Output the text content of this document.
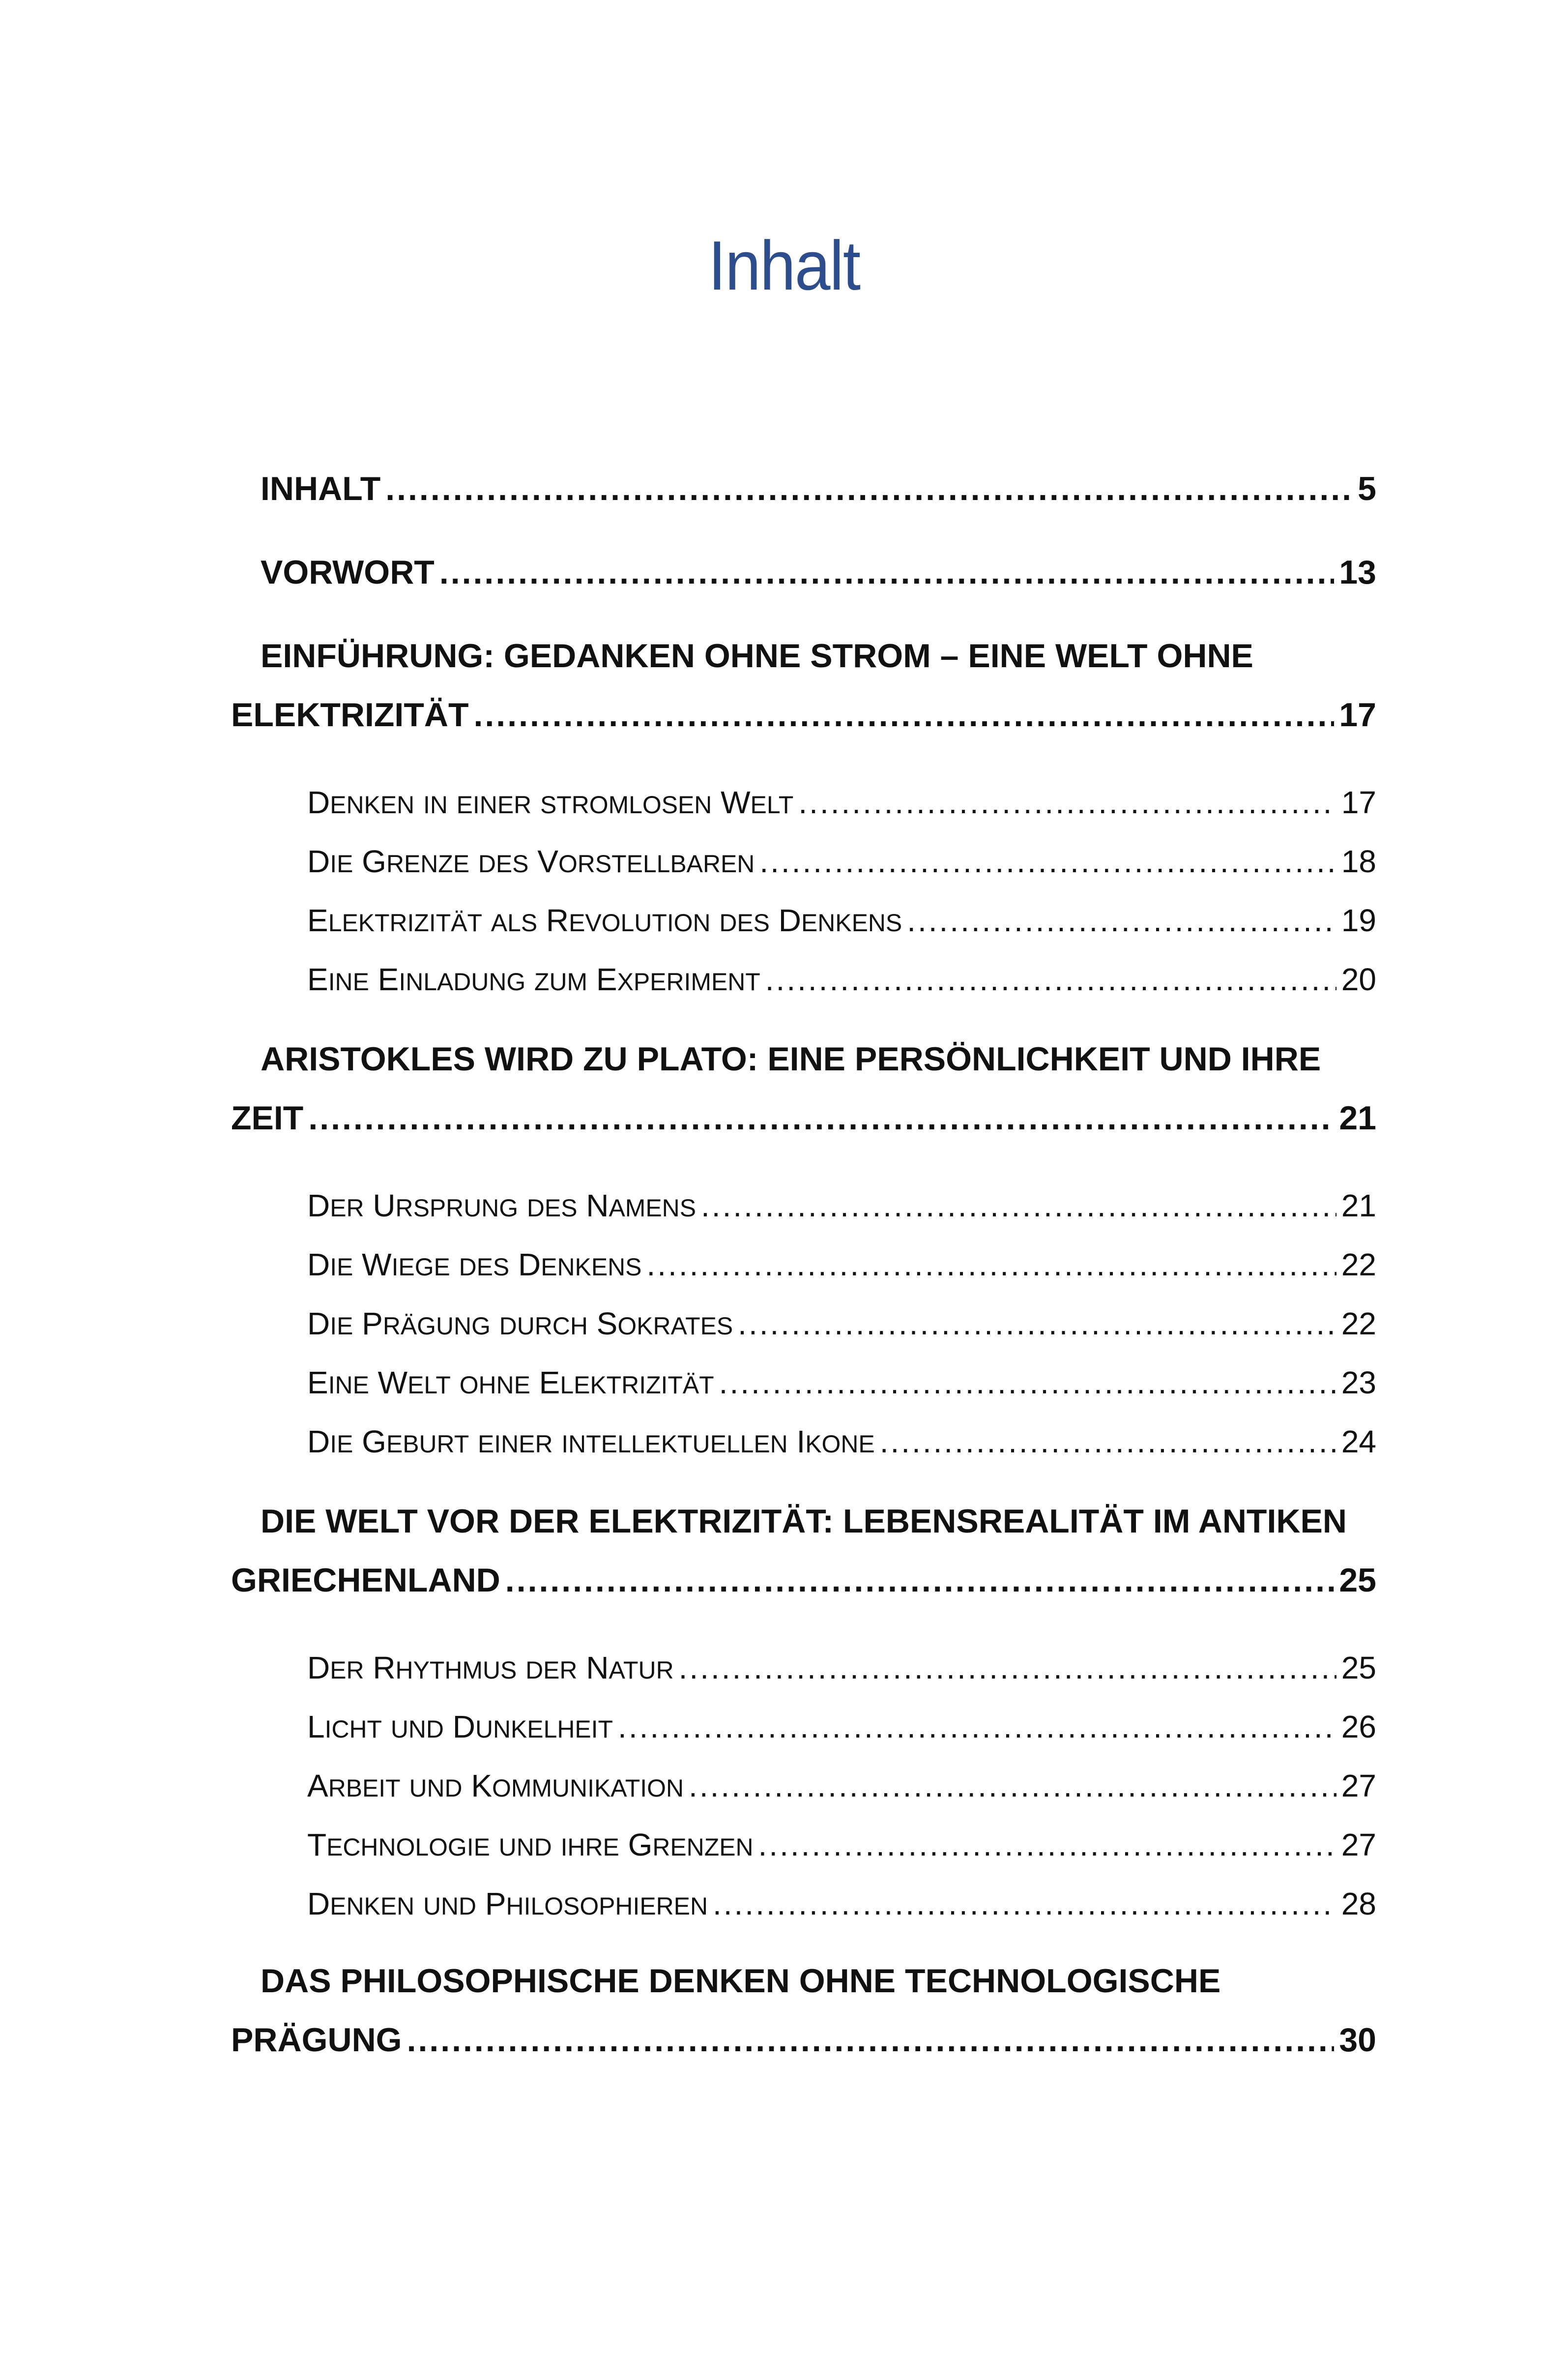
Inhalt
INHALT .....	5
VORWORT .....	13
EINFÜHRUNG: GEDANKEN OHNE STROM – EINE WELT OHNE
ELEKTRIZITÄT .....	17
DENKEN IN EINER STROMLOSEN WELT .....	17
DIE GRENZE DES VORSTELLBAREN .....	18
ELEKTRIZITÄT ALS REVOLUTION DES DENKENS .....	19
EINE EINLADUNG ZUM EXPERIMENT .....	20
ARISTOKLES WIRD ZU PLATO: EINE PERSÖNLICHKEIT UND IHRE
ZEIT .....	21
DER URSPRUNG DES NAMENS .....	21
DIE WIEGE DES DENKENS .....	22
DIE PRÄGUNG DURCH SOKRATES .....	22
EINE WELT OHNE ELEKTRIZITÄT .....	23
DIE GEBURT EINER INTELLEKTUELLEN IKONE .....	24
DIE WELT VOR DER ELEKTRIZITÄT: LEBENSREALITÄT IM ANTIKEN
GRIECHENLAND .....	25
DER RHYTHMUS DER NATUR .....	25
LICHT UND DUNKELHEIT .....	26
ARBEIT UND KOMMUNIKATION .....	27
TECHNOLOGIE UND IHRE GRENZEN .....	27
DENKEN UND PHILOSOPHIEREN .....	28
DAS PHILOSOPHISCHE DENKEN OHNE TECHNOLOGISCHE
PRÄGUNG .....	30
